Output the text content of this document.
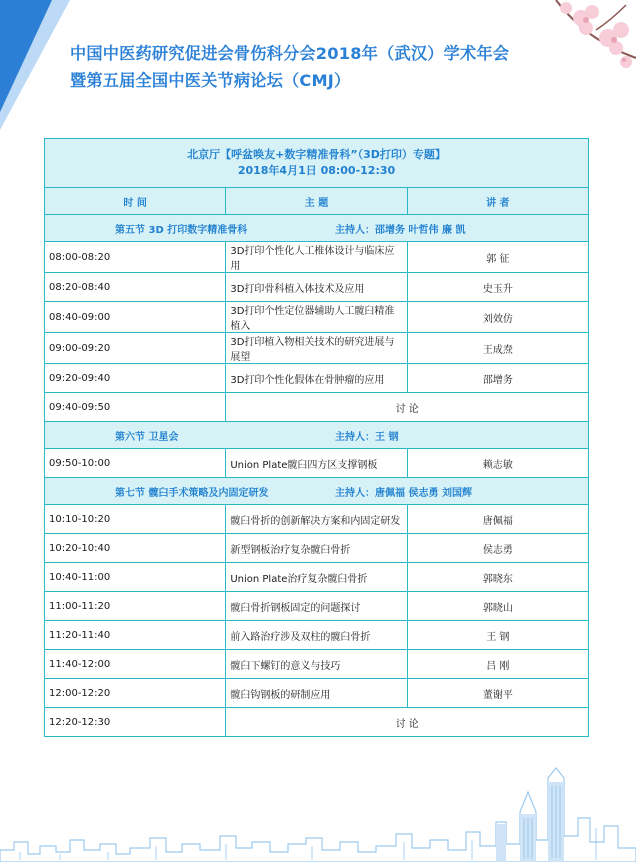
中国中医药研究促进会骨伤科分会2018年（武汉）学术年会
暨第五届全国中医关节病论坛（CMJ）
北京厅【呼盆唤友+数字精准骨科”（3D打印）专题】
2018年4月1日 08:00-12:30		

时 间	主 题	讲 者
第五节 3D 打印数字精准骨科 主持人：邵增务 叶哲伟 廉 凯		
08:00-08:20	3D打印个性化人工椎体设计与临床应用	郭 征
08:20-08:40	3D打印骨科植入体技术及应用	史玉升
08:40-09:00	3D打印个性定位器辅助人工髋臼精准植入	刘效仿
09:00-09:20	3D打印植入物相关技术的研究进展与展望	王成焘
09:20-09:40	3D打印个性化假体在骨肿瘤的应用	邵增务
09:40-09:50	讨 论	
第六节 卫星会 主持人：王 钢		
09:50-10:00	Union Plate髋臼四方区支撑钢板	赖志敏
第七节 髋臼手术策略及内固定研发 主持人：唐佩福 侯志勇 刘国辉		
10:10-10:20	髋臼骨折的创新解决方案和内固定研发	唐佩福
10:20-10:40	新型钢板治疗复杂髋臼骨折	侯志勇
10:40-11:00	Union Plate治疗复杂髋臼骨折	郭晓东
11:00-11:20	髋臼骨折钢板固定的问题探讨	郭晓山
11:20-11:40	前入路治疗涉及双柱的髋臼骨折	王 钢
11:40-12:00	髋臼下螺钉的意义与技巧	吕 刚
12:00-12:20	髋臼钩钢板的研制应用	董谢平
12:20-12:30	讨 论	
